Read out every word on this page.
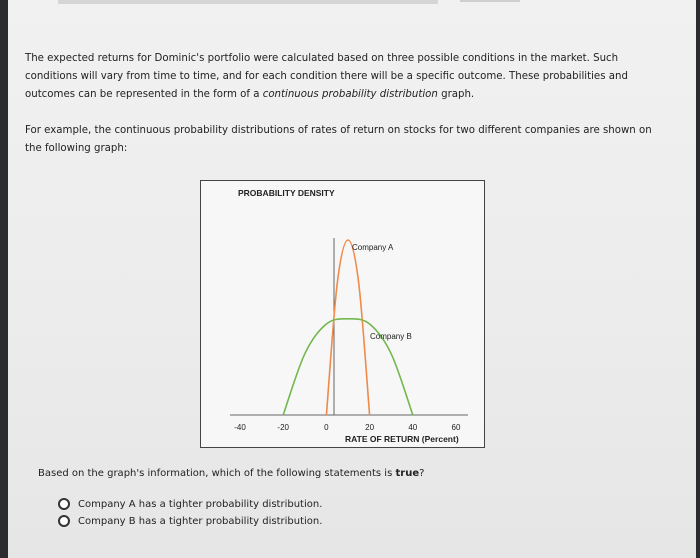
The expected returns for Dominic's portfolio were calculated based on three possible conditions in the market. Such conditions will vary from time to time, and for each condition there will be a specific outcome. These probabilities and outcomes can be represented in the form of a continuous probability distribution graph.
For example, the continuous probability distributions of rates of return on stocks for two different companies are shown on the following graph:
PROBABILITY DENSITY
RATE OF RETURN (Percent)
Company A
Company B
-40	-20	0	20	40	60
Based on the graph's information, which of the following statements is true?
Company A has a tighter probability distribution.
Company B has a tighter probability distribution.
